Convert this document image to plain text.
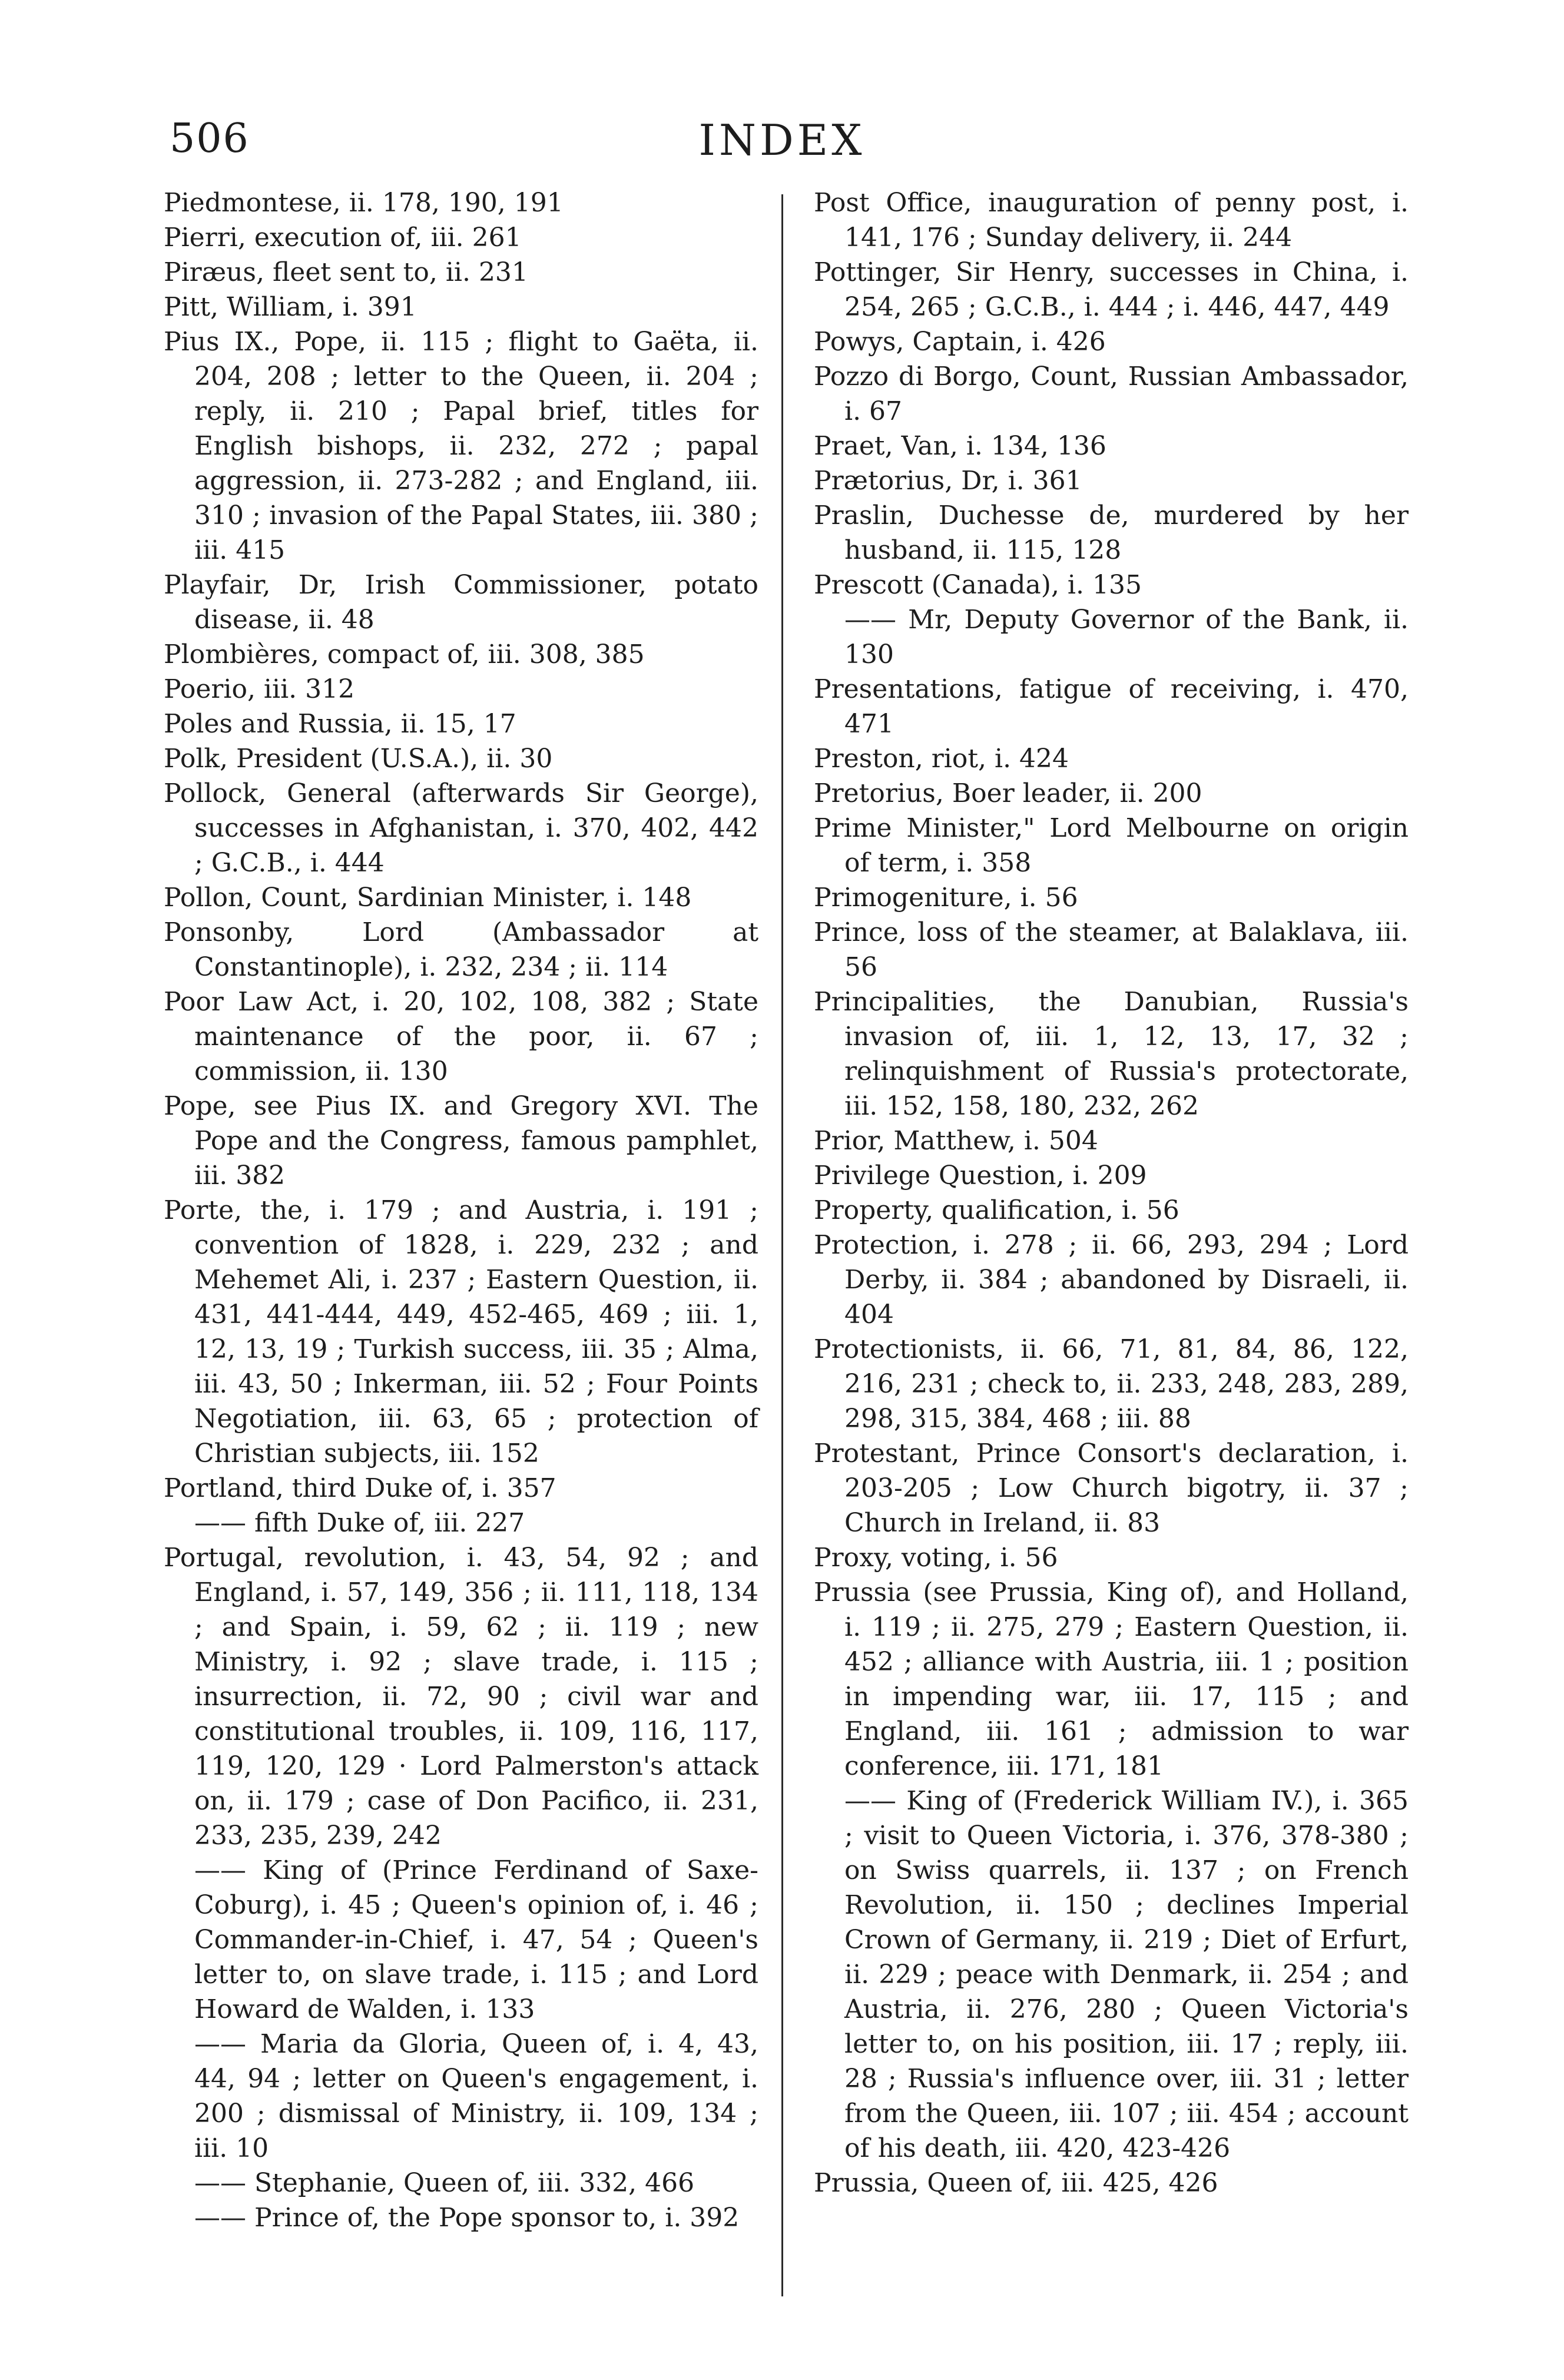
506	INDEX
Piedmontese, ii. 178, 190, 191
Pierri, execution of, iii. 261
Piræus, fleet sent to, ii. 231
Pitt, William, i. 391
Pius IX., Pope, ii. 115 ; flight to Gaëta, ii. 204, 208 ; letter to the Queen, ii. 204 ; reply, ii. 210 ; Papal brief, titles for English bishops, ii. 232, 272 ; papal aggression, ii. 273-282 ; and England, iii. 310 ; invasion of the Papal States, iii. 380 ; iii. 415
Playfair, Dr, Irish Commissioner, potato disease, ii. 48
Plombières, compact of, iii. 308, 385
Poerio, iii. 312
Poles and Russia, ii. 15, 17
Polk, President (U.S.A.), ii. 30
Pollock, General (afterwards Sir George), successes in Afghanistan, i. 370, 402, 442 ; G.C.B., i. 444
Pollon, Count, Sardinian Minister, i. 148
Ponsonby, Lord (Ambassador at Constantinople), i. 232, 234 ; ii. 114
Poor Law Act, i. 20, 102, 108, 382 ; State maintenance of the poor, ii. 67 ; commission, ii. 130
Pope, see Pius IX. and Gregory XVI. The Pope and the Congress, famous pamphlet, iii. 382
Porte, the, i. 179 ; and Austria, i. 191 ; convention of 1828, i. 229, 232 ; and Mehemet Ali, i. 237 ; Eastern Question, ii. 431, 441-444, 449, 452-465, 469 ; iii. 1, 12, 13, 19 ; Turkish success, iii. 35 ; Alma, iii. 43, 50 ; Inkerman, iii. 52 ; Four Points Negotiation, iii. 63, 65 ; protection of Christian subjects, iii. 152
Portland, third Duke of, i. 357
—— fifth Duke of, iii. 227
Portugal, revolution, i. 43, 54, 92 ; and England, i. 57, 149, 356 ; ii. 111, 118, 134 ; and Spain, i. 59, 62 ; ii. 119 ; new Ministry, i. 92 ; slave trade, i. 115 ; insurrection, ii. 72, 90 ; civil war and constitutional troubles, ii. 109, 116, 117, 119, 120, 129 · Lord Palmerston's attack on, ii. 179 ; case of Don Pacifico, ii. 231, 233, 235, 239, 242
—— King of (Prince Ferdinand of Saxe-Coburg), i. 45 ; Queen's opinion of, i. 46 ; Commander-in-Chief, i. 47, 54 ; Queen's letter to, on slave trade, i. 115 ; and Lord Howard de Walden, i. 133
—— Maria da Gloria, Queen of, i. 4, 43, 44, 94 ; letter on Queen's engagement, i. 200 ; dismissal of Ministry, ii. 109, 134 ; iii. 10
—— Stephanie, Queen of, iii. 332, 466
—— Prince of, the Pope sponsor to, i. 392
Post Office, inauguration of penny post, i. 141, 176 ; Sunday delivery, ii. 244
Pottinger, Sir Henry, successes in China, i. 254, 265 ; G.C.B., i. 444 ; i. 446, 447, 449
Powys, Captain, i. 426
Pozzo di Borgo, Count, Russian Ambassador, i. 67
Praet, Van, i. 134, 136
Prætorius, Dr, i. 361
Praslin, Duchesse de, murdered by her husband, ii. 115, 128
Prescott (Canada), i. 135
—— Mr, Deputy Governor of the Bank, ii. 130
Presentations, fatigue of receiving, i. 470, 471
Preston, riot, i. 424
Pretorius, Boer leader, ii. 200
Prime Minister," Lord Melbourne on origin of term, i. 358
Primogeniture, i. 56
Prince, loss of the steamer, at Balaklava, iii. 56
Principalities, the Danubian, Russia's invasion of, iii. 1, 12, 13, 17, 32 ; relinquishment of Russia's protectorate, iii. 152, 158, 180, 232, 262
Prior, Matthew, i. 504
Privilege Question, i. 209
Property, qualification, i. 56
Protection, i. 278 ; ii. 66, 293, 294 ; Lord Derby, ii. 384 ; abandoned by Disraeli, ii. 404
Protectionists, ii. 66, 71, 81, 84, 86, 122, 216, 231 ; check to, ii. 233, 248, 283, 289, 298, 315, 384, 468 ; iii. 88
Protestant, Prince Consort's declaration, i. 203-205 ; Low Church bigotry, ii. 37 ; Church in Ireland, ii. 83
Proxy, voting, i. 56
Prussia (see Prussia, King of), and Holland, i. 119 ; ii. 275, 279 ; Eastern Question, ii. 452 ; alliance with Austria, iii. 1 ; position in impending war, iii. 17, 115 ; and England, iii. 161 ; admission to war conference, iii. 171, 181
—— King of (Frederick William IV.), i. 365 ; visit to Queen Victoria, i. 376, 378-380 ; on Swiss quarrels, ii. 137 ; on French Revolution, ii. 150 ; declines Imperial Crown of Germany, ii. 219 ; Diet of Erfurt, ii. 229 ; peace with Denmark, ii. 254 ; and Austria, ii. 276, 280 ; Queen Victoria's letter to, on his position, iii. 17 ; reply, iii. 28 ; Russia's influence over, iii. 31 ; letter from the Queen, iii. 107 ; iii. 454 ; account of his death, iii. 420, 423-426
Prussia, Queen of, iii. 425, 426
